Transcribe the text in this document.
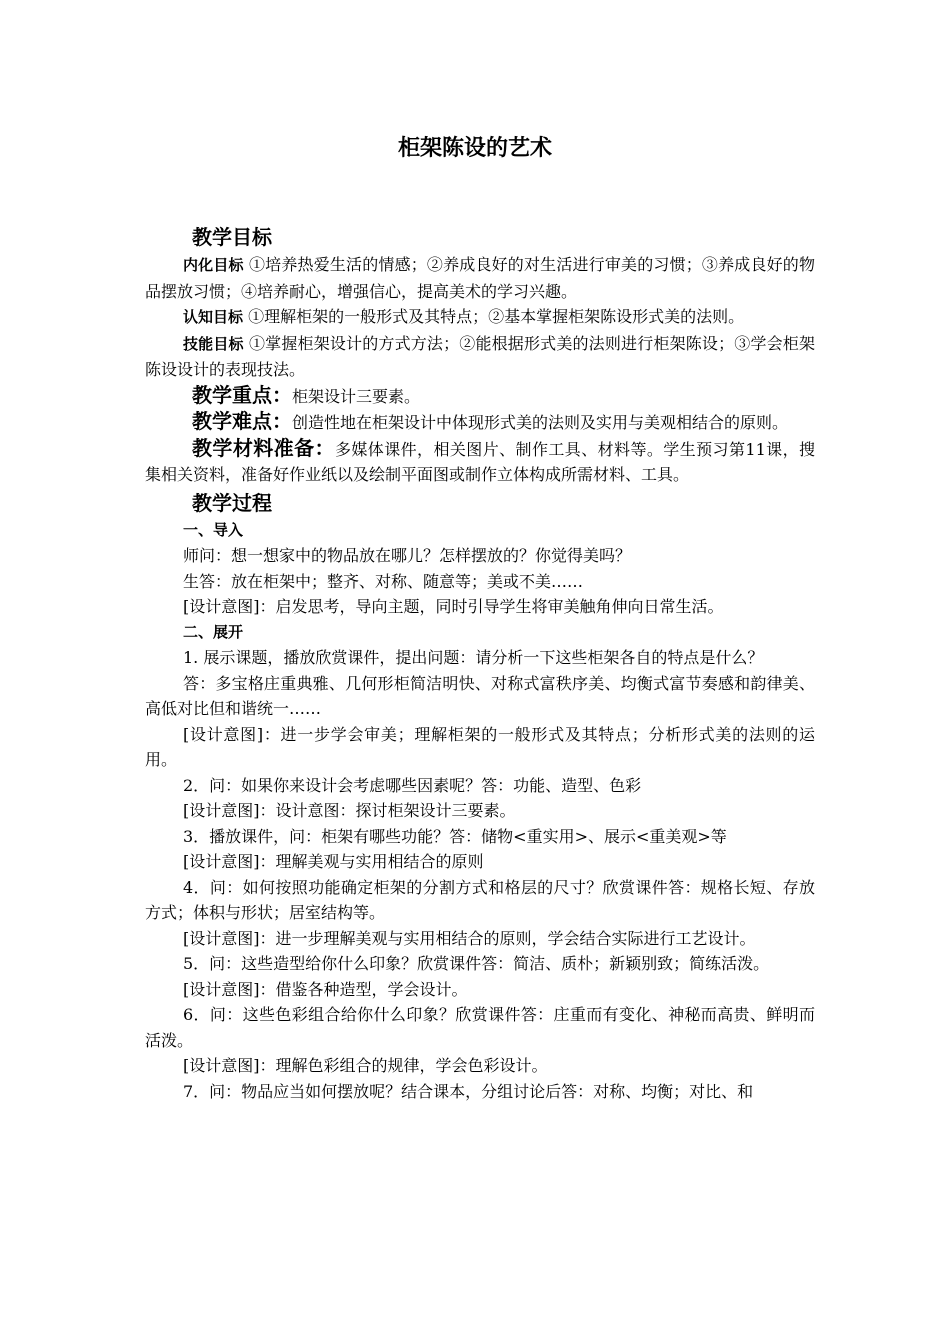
柜架陈设的艺术

教学目标

内化目标 ①培养热爱生活的情感；②养成良好的对生活进行审美的习惯；③养成良好的物品摆放习惯；④培养耐心，增强信心，提高美术的学习兴趣。

认知目标 ①理解柜架的一般形式及其特点；②基本掌握柜架陈设形式美的法则。

技能目标 ①掌握柜架设计的方式方法；②能根据形式美的法则进行柜架陈设；③学会柜架陈设设计的表现技法。

教学重点：柜架设计三要素。

教学难点：创造性地在柜架设计中体现形式美的法则及实用与美观相结合的原则。

教学材料准备：多媒体课件，相关图片、制作工具、材料等。学生预习第11课，搜集相关资料，准备好作业纸以及绘制平面图或制作立体构成所需材料、工具。

教学过程

一、导入

师问：想一想家中的物品放在哪儿？怎样摆放的？你觉得美吗？

生答：放在柜架中；整齐、对称、随意等；美或不美……

[设计意图]：启发思考，导向主题，同时引导学生将审美触角伸向日常生活。

二、展开

1. 展示课题，播放欣赏课件，提出问题：请分析一下这些柜架各自的特点是什么？

答：多宝格庄重典雅、几何形柜简洁明快、对称式富秩序美、均衡式富节奏感和韵律美、高低对比但和谐统一……

[设计意图]：进一步学会审美；理解柜架的一般形式及其特点；分析形式美的法则的运用。

2．问：如果你来设计会考虑哪些因素呢？答：功能、造型、色彩

[设计意图]：设计意图：探讨柜架设计三要素。

3．播放课件，问：柜架有哪些功能？答：储物<重实用>、展示<重美观>等

[设计意图]：理解美观与实用相结合的原则

4．问：如何按照功能确定柜架的分割方式和格层的尺寸？欣赏课件答：规格长短、存放方式；体积与形状；居室结构等。

[设计意图]：进一步理解美观与实用相结合的原则，学会结合实际进行工艺设计。

5．问：这些造型给你什么印象？欣赏课件答：简洁、质朴；新颖别致；简练活泼。

[设计意图]：借鉴各种造型，学会设计。

6．问：这些色彩组合给你什么印象？欣赏课件答：庄重而有变化、神秘而高贵、鲜明而活泼。

[设计意图]：理解色彩组合的规律，学会色彩设计。

7．问：物品应当如何摆放呢？结合课本，分组讨论后答：对称、均衡；对比、和
